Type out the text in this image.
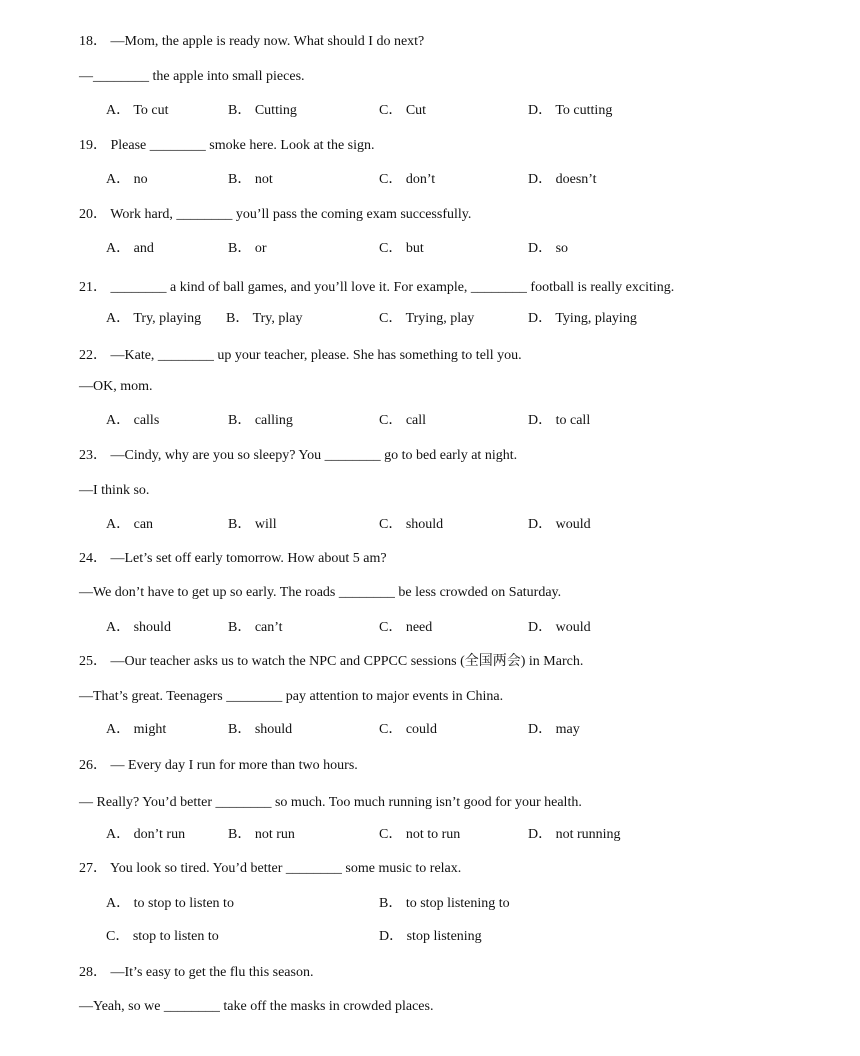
18． —Mom, the apple is ready now. What should I do next?
—________ the apple into small pieces.
A． To cut	B． Cutting	C． Cut	D． To cutting
19． Please ________ smoke here. Look at the sign.
A． no	B． not	C． don’t	D． doesn’t
20． Work hard, ________ you’ll pass the coming exam successfully.
A． and	B． or	C． but	D． so
21． ________ a kind of ball games, and you’ll love it. For example, ________ football is really exciting.
A． Try, playing B． Try, play	C． Trying, play	D． Tying, playing
22． —Kate, ________ up your teacher, please. She has something to tell you.
—OK, mom.
A． calls	B． calling	C． call	D． to call
23． —Cindy, why are you so sleepy? You ________ go to bed early at night.
—I think so.
A． can	B． will	C． should	D． would
24． —Let’s set off early tomorrow. How about 5 am?
—We don’t have to get up so early. The roads ________ be less crowded on Saturday.
A． should	B． can’t	C． need	D． would
25． —Our teacher asks us to watch the NPC and CPPCC sessions (全国两会) in March.
—That’s great. Teenagers ________ pay attention to major events in China.
A． might	B． should	C． could	D． may
26． — Every day I run for more than two hours.
— Really? You’d better ________ so much. Too much running isn’t good for your health.
A． don’t run	B． not run	C． not to run	D． not running
27． You look so tired. You’d better ________ some music to relax.
A． to stop to listen to	B． to stop listening to
C． stop to listen to	D． stop listening
28． —It’s easy to get the flu this season.
—Yeah, so we ________ take off the masks in crowded places.
